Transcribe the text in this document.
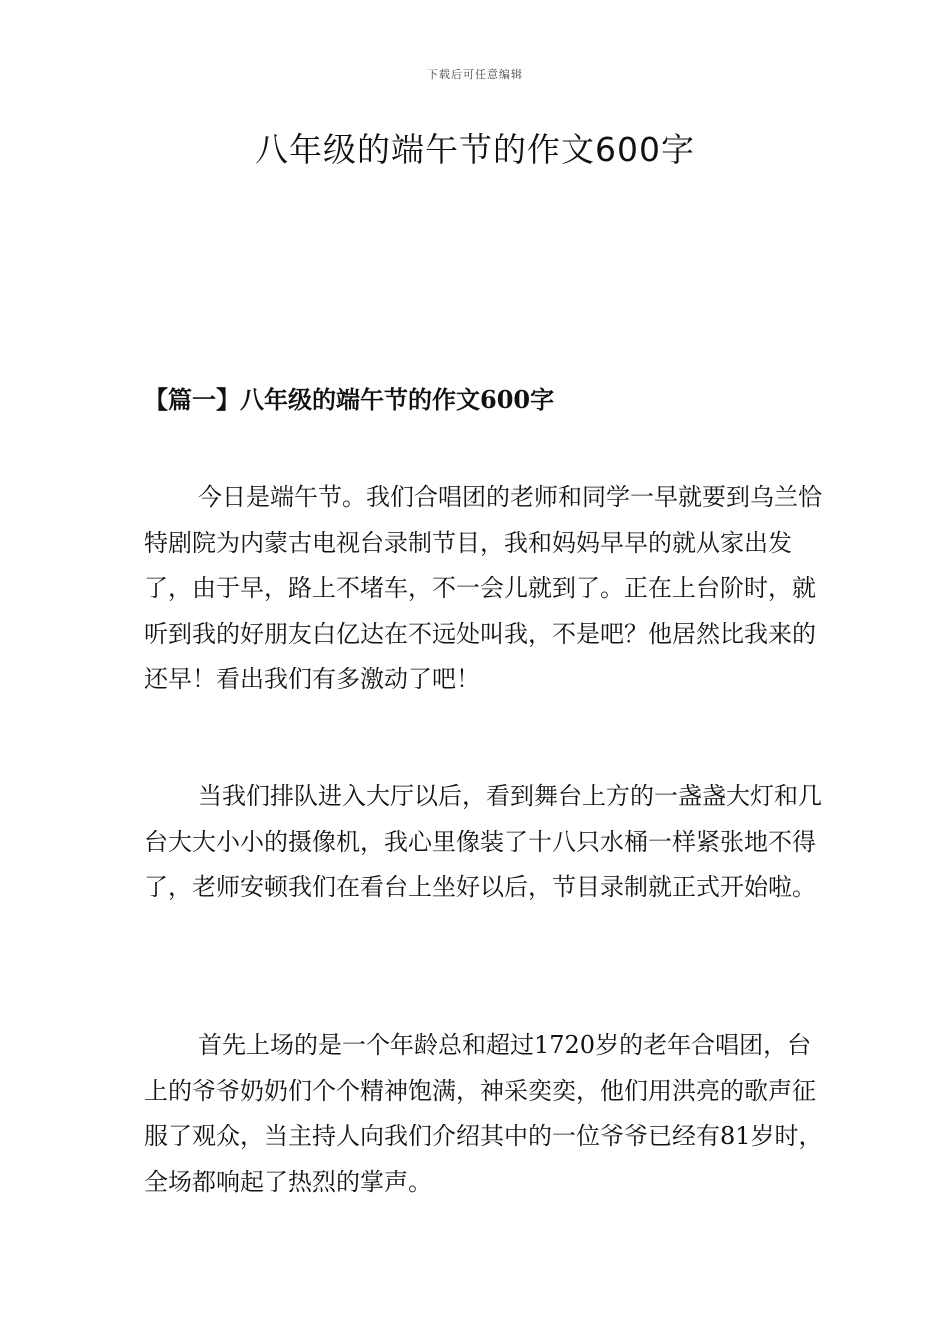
下载后可任意编辑
八年级的端午节的作文600字
【篇一】八年级的端午节的作文600字

今日是端午节。我们合唱团的老师和同学一早就要到乌兰恰特剧院为内蒙古电视台录制节目，我和妈妈早早的就从家出发了，由于早，路上不堵车，不一会儿就到了。正在上台阶时，就听到我的好朋友白亿达在不远处叫我，不是吧？他居然比我来的还早！看出我们有多激动了吧！

当我们排队进入大厅以后，看到舞台上方的一盏盏大灯和几台大大小小的摄像机，我心里像装了十八只水桶一样紧张地不得了，老师安顿我们在看台上坐好以后，节目录制就正式开始啦。

首先上场的是一个年龄总和超过1720岁的老年合唱团，台上的爷爷奶奶们个个精神饱满，神采奕奕，他们用洪亮的歌声征服了观众，当主持人向我们介绍其中的一位爷爷已经有81岁时，全场都响起了热烈的掌声。
